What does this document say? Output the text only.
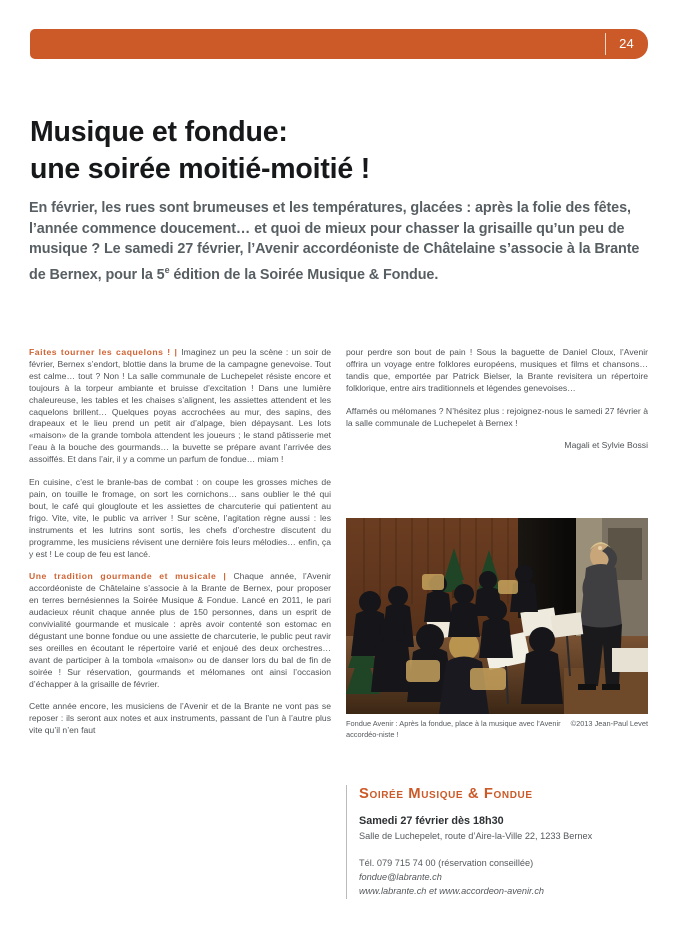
24
Musique et fondue:
une soirée moitié-moitié !
En février, les rues sont brumeuses et les températures, glacées : après la folie des fêtes, l’année commence doucement… et quoi de mieux pour chasser la grisaille qu’un peu de musique ? Le samedi 27 février, l’Avenir accordéoniste de Châtelaine s’associe à la Brante de Bernex, pour la 5e édition de la Soirée Musique & Fondue.

Faites tourner les caquelons ! | Imaginez un peu la scène : un soir de février, Bernex s’endort, blottie dans la brume de la campagne genevoise. Tout est calme… tout ? Non ! La salle communale de Luchepelet résiste encore et toujours à la torpeur ambiante et bruisse d’excitation ! Dans une lumière chaleureuse, les tables et les chaises s’alignent, les assiettes attendent et les caquelons brillent… Quelques poyas accrochées au mur, des sapins, des drapeaux et le lieu prend un petit air d’alpage, bien dépaysant. Les lots «maison» de la grande tombola attendent les joueurs ; le stand pâtisserie met l’eau à la bouche des gourmands… la buvette se prépare avant l’arrivée des assoiffés. Et dans l’air, il y a comme un parfum de fondue… miam !

En cuisine, c’est le branle-bas de combat : on coupe les grosses miches de pain, on touille le fromage, on sort les cornichons… sans oublier le thé qui bout, le café qui glougloute et les assiettes de charcuterie qui patientent au frigo. Vite, vite, le public va arriver ! Sur scène, l’agitation règne aussi : les instruments et les lutrins sont sortis, les chefs d’orchestre discutent du programme, les musiciens révisent une dernière fois leurs mélodies… enfin, ça y est ! Le coup de feu est lancé.

Une tradition gourmande et musicale | Chaque année, l’Avenir accordéoniste de Châtelaine s’associe à la Brante de Bernex, pour proposer en terres bernésiennes la Soirée Musique & Fondue. Lancé en 2011, le pari audacieux réunit chaque année plus de 150 personnes, dans un esprit de convivialité gourmande et musicale : après avoir contenté son estomac en dégustant une bonne fondue ou une assiette de charcuterie, le public peut ravir ses oreilles en écoutant le répertoire varié et enjoué des deux orchestres… avant de participer à la tombola «maison» ou de danser lors du bal de fin de soirée ! Sur réservation, gourmands et mélomanes ont ainsi l’occasion d’échapper à la grisaille de février.

Cette année encore, les musiciens de l’Avenir et de la Brante ne vont pas se reposer : ils seront aux notes et aux instruments, passant de l’un à l’autre plus vite qu’il n’en faut

pour perdre son bout de pain ! Sous la baguette de Daniel Cloux, l’Avenir offrira un voyage entre folklores européens, musiques et films et chansons… tandis que, emportée par Patrick Bielser, la Brante revisitera un répertoire folklorique, entre airs traditionnels et légendes genevoises…

Affamés ou mélomanes ? N’hésitez plus : rejoignez-nous le samedi 27 février à la salle communale de Luchepelet à Bernex !

Magali et Sylvie Bossi

©2013 Jean-Paul Levet
Fondue Avenir : Après la fondue, place à la musique avec l’Avenir accordéo-niste !
Soirée Musique & Fondue
Samedi 27 février dès 18h30
Salle de Luchepelet, route d’Aire-la-Ville 22, 1233 Bernex
Tél. 079 715 74 00 (réservation conseillée)
fondue@labrante.ch
www.labrante.ch et www.accordeon-avenir.ch
